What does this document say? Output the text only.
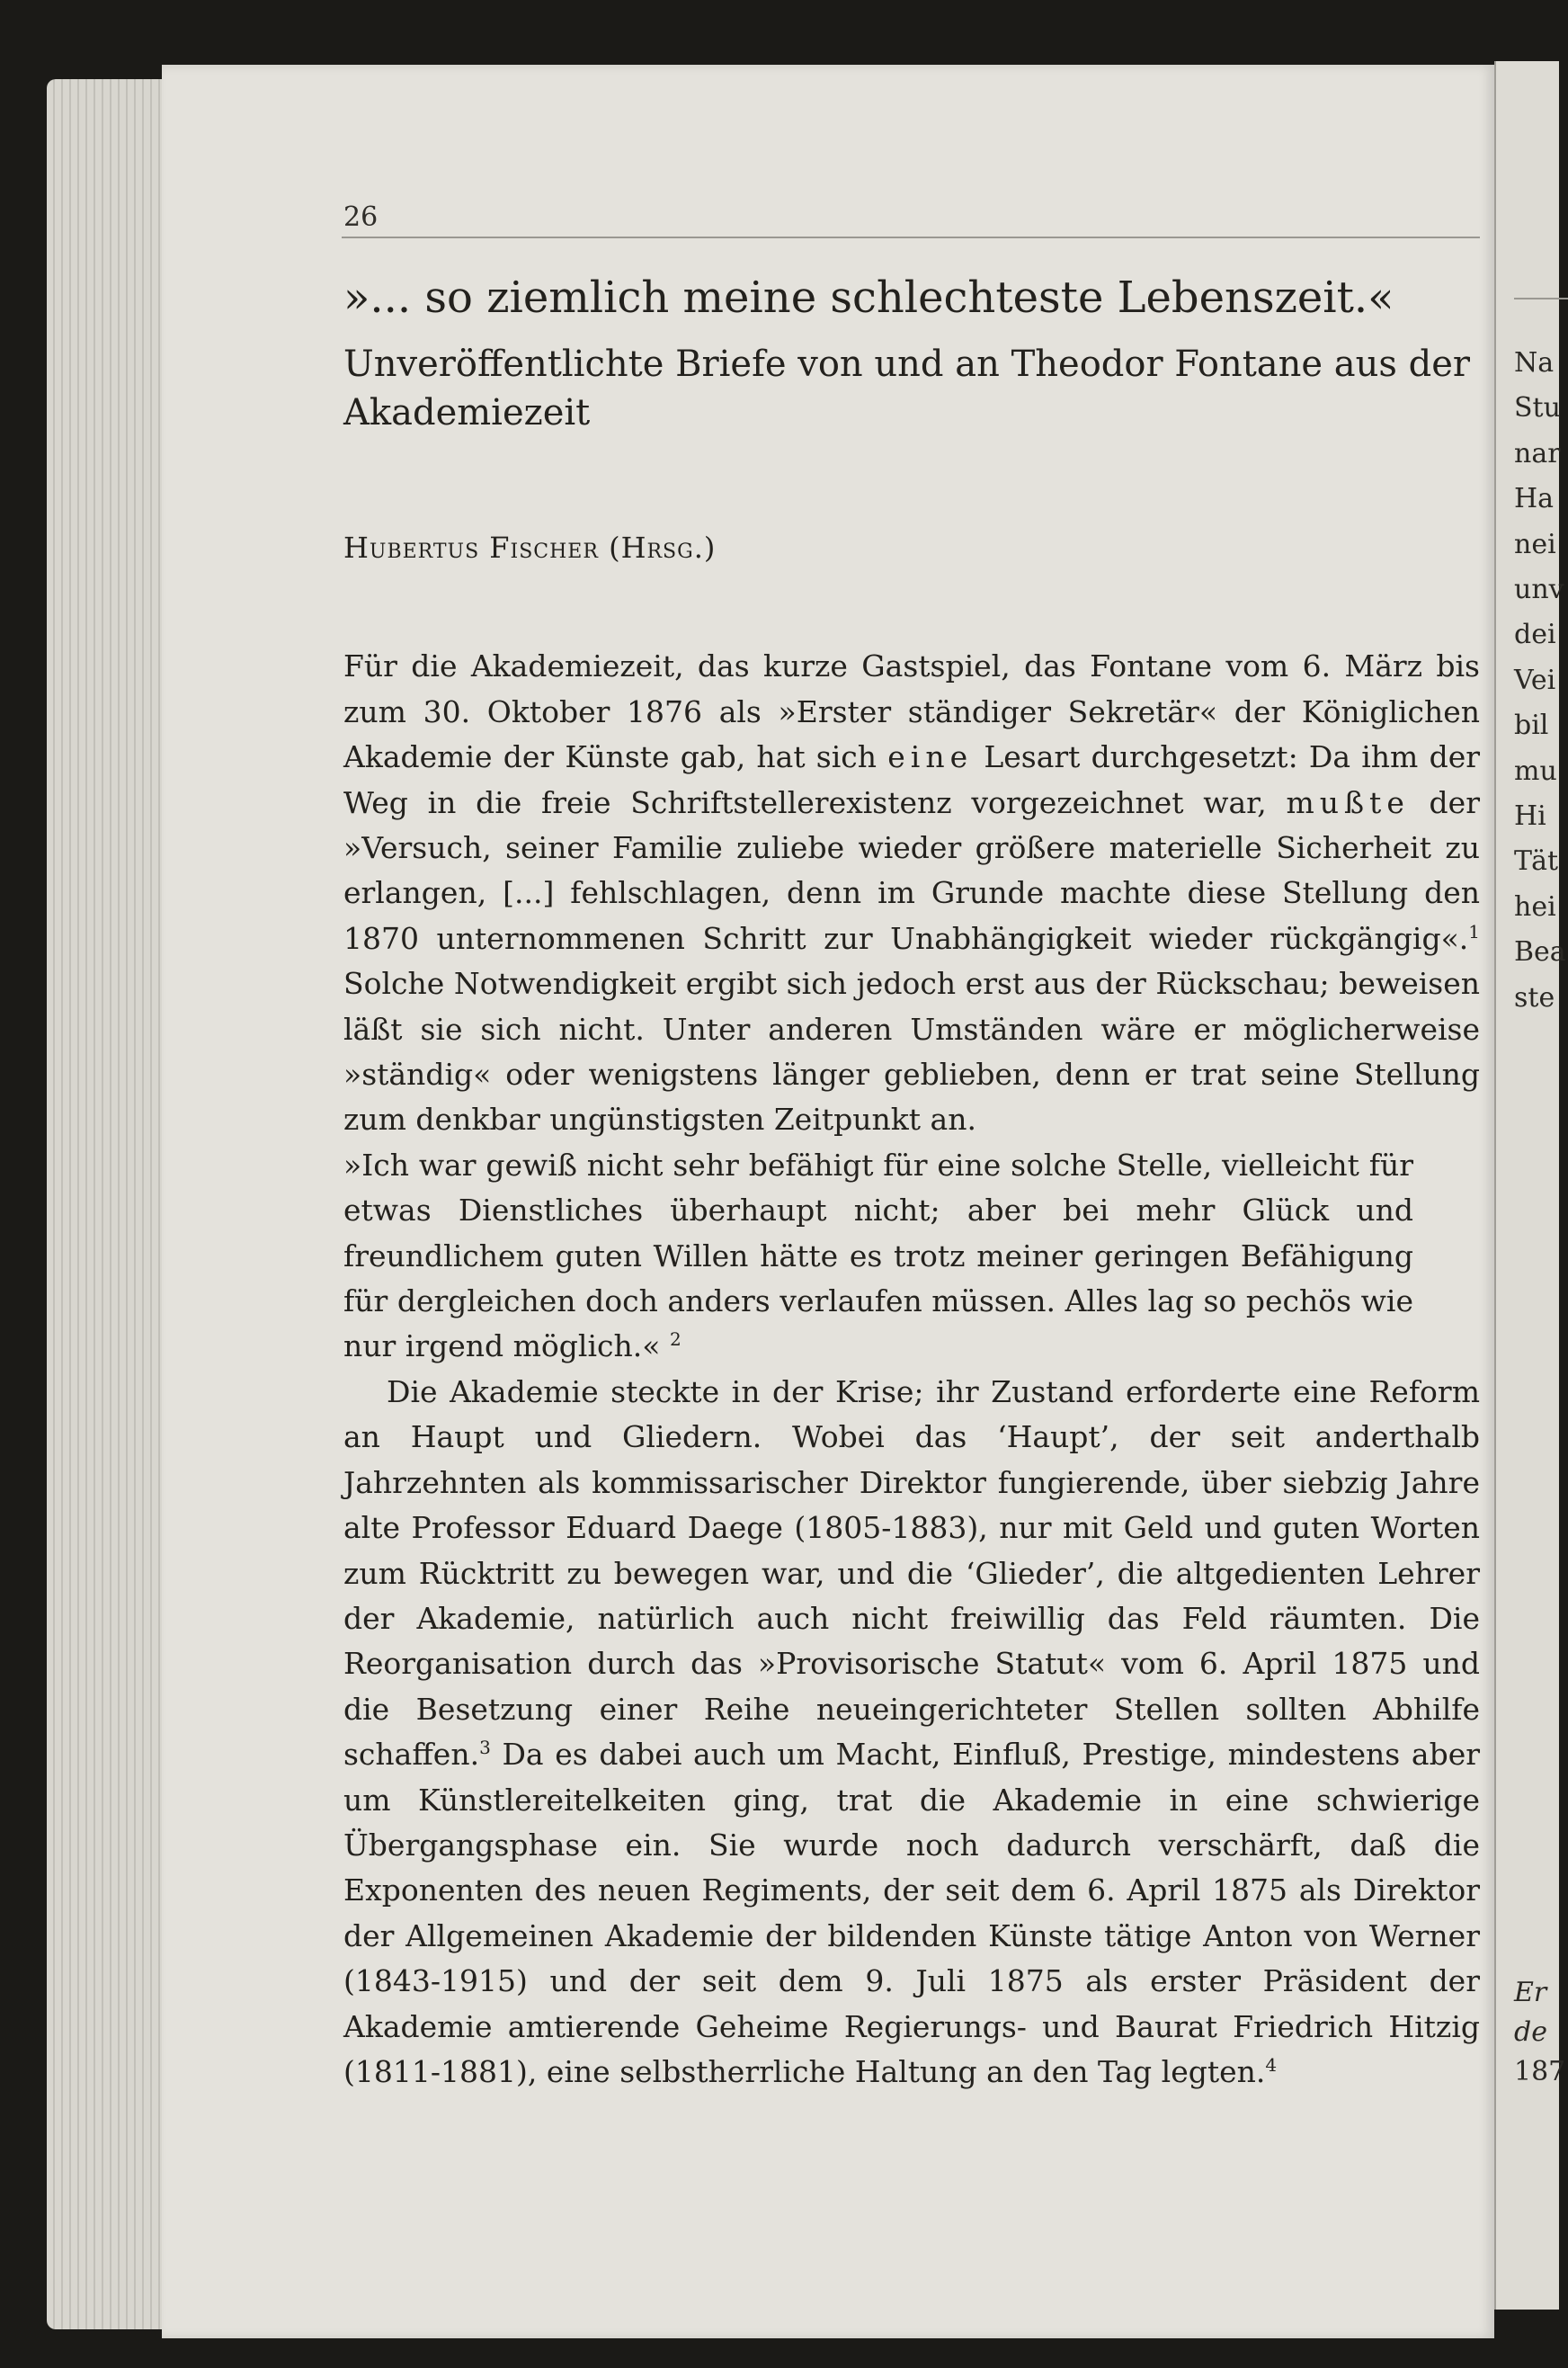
26
»... so ziemlich meine schlechteste Lebenszeit.«
Unveröffentlichte Briefe von und an Theodor Fontane aus der Akademiezeit
Hubertus Fischer (Hrsg.)

Für die Akademiezeit, das kurze Gastspiel, das Fontane vom 6. März bis zum 30. Oktober 1876 als »Erster ständiger Sekretär« der Königlichen Akademie der Künste gab, hat sich eine Lesart durchgesetzt: Da ihm der Weg in die freie Schriftstellerexistenz vorgezeichnet war, mußte der »Versuch, seiner Familie zuliebe wieder größere materielle Sicherheit zu erlangen, [...] fehlschlagen, denn im Grunde machte diese Stellung den 1870 unternommenen Schritt zur Unabhängigkeit wieder rückgängig«.$^1$ Solche Notwendigkeit ergibt sich jedoch erst aus der Rückschau; beweisen läßt sie sich nicht. Unter anderen Umständen wäre er möglicherweise »ständig« oder wenigstens länger geblieben, denn er trat seine Stellung zum denkbar ungünstigsten Zeitpunkt an.

»Ich war gewiß nicht sehr befähigt für eine solche Stelle, vielleicht für etwas Dienstliches überhaupt nicht; aber bei mehr Glück und freundlichem guten Willen hätte es trotz meiner geringen Befähigung für dergleichen doch anders verlaufen müssen. Alles lag so pechös wie nur irgend möglich.« $^2$

Die Akademie steckte in der Krise; ihr Zustand erforderte eine Reform an Haupt und Gliedern. Wobei das ‘Haupt’, der seit anderthalb Jahrzehnten als kommissarischer Direktor fungierende, über siebzig Jahre alte Professor Eduard Daege (1805-1883), nur mit Geld und guten Worten zum Rücktritt zu bewegen war, und die ‘Glieder’, die altgedienten Lehrer der Akademie, natürlich auch nicht freiwillig das Feld räumten. Die Reorganisation durch das »Provisorische Statut« vom 6. April 1875 und die Besetzung einer Reihe neueingerichteter Stellen sollten Abhilfe schaffen.$^3$ Da es dabei auch um Macht, Einfluß, Prestige, mindestens aber um Künstlereitelkeiten ging, trat die Akademie in eine schwierige Übergangsphase ein. Sie wurde noch dadurch verschärft, daß die Exponenten des neuen Regiments, der seit dem 6. April 1875 als Direktor der Allgemeinen Akademie der bildenden Künste tätige Anton von Werner (1843-1915) und der seit dem 9. Juli 1875 als erster Präsident der Akademie amtierende Geheime Regierungs- und Baurat Friedrich Hitzig (1811-1881), eine selbstherrliche Haltung an den Tag legten.$^4$

Na
Stu
nar
Ha
nei
unv
dei
Vei
bil
mu
Hi
Tät
hei
Bea
ste
Er
de
187
